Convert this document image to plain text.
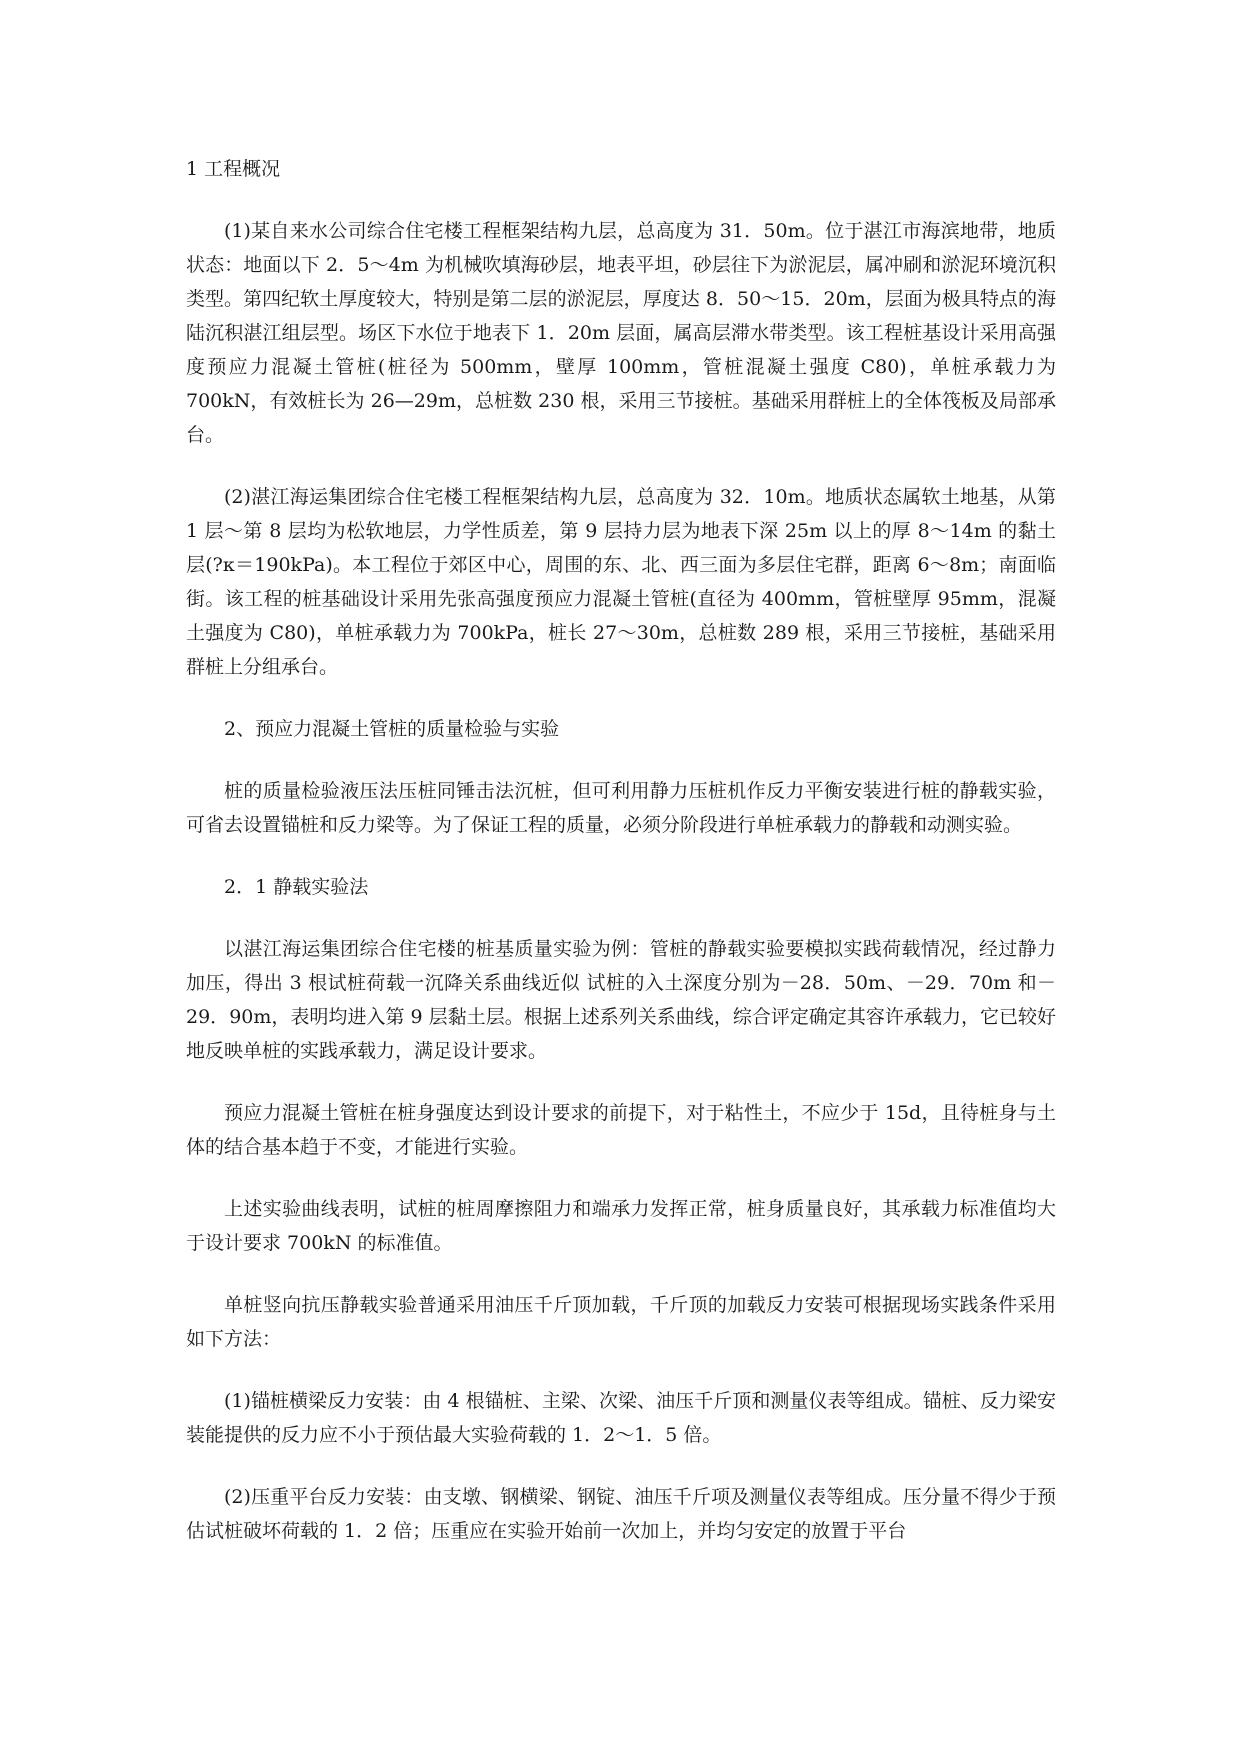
1 工程概况

(1)某自来水公司综合住宅楼工程框架结构九层，总高度为 31．50m。位于湛江市海滨地带，地质状态：地面以下 2．5～4m 为机械吹填海砂层，地表平坦，砂层往下为淤泥层，属冲刷和淤泥环境沉积类型。第四纪软土厚度较大，特别是第二层的淤泥层，厚度达 8．50～15．20m，层面为极具特点的海陆沉积湛江组层型。场区下水位于地表下 1．20m 层面，属高层滞水带类型。该工程桩基设计采用高强度预应力混凝土管桩(桩径为 500mm，壁厚 100mm，管桩混凝土强度 C80)，单桩承载力为 700kN，有效桩长为 26—29m，总桩数 230 根，采用三节接桩。基础采用群桩上的全体筏板及局部承台。

(2)湛江海运集团综合住宅楼工程框架结构九层，总高度为 32．10m。地质状态属软土地基，从第 1 层～第 8 层均为松软地层，力学性质差，第 9 层持力层为地表下深 25m 以上的厚 8～14m 的黏土层(?κ＝190kPa)。本工程位于郊区中心，周围的东、北、西三面为多层住宅群，距离 6～8m；南面临街。该工程的桩基础设计采用先张高强度预应力混凝土管桩(直径为 400mm，管桩壁厚 95mm，混凝土强度为 C80)，单桩承载力为 700kPa，桩长 27～30m，总桩数 289 根，采用三节接桩，基础采用群桩上分组承台。

2、预应力混凝土管桩的质量检验与实验

桩的质量检验液压法压桩同锤击法沉桩，但可利用静力压桩机作反力平衡安装进行桩的静载实验，可省去设置锚桩和反力梁等。为了保证工程的质量，必须分阶段进行单桩承载力的静载和动测实验。

2．1 静载实验法

以湛江海运集团综合住宅楼的桩基质量实验为例：管桩的静载实验要模拟实践荷载情况，经过静力加压，得出 3 根试桩荷载一沉降关系曲线近似 试桩的入土深度分别为－28．50m、－29．70m 和－29．90m，表明均进入第 9 层黏土层。根据上述系列关系曲线，综合评定确定其容许承载力，它已较好地反映单桩的实践承载力，满足设计要求。

预应力混凝土管桩在桩身强度达到设计要求的前提下，对于粘性土，不应少于 15d，且待桩身与土体的结合基本趋于不变，才能进行实验。

上述实验曲线表明，试桩的桩周摩擦阻力和端承力发挥正常，桩身质量良好，其承载力标准值均大于设计要求 700kN 的标准值。

单桩竖向抗压静载实验普通采用油压千斤顶加载，千斤顶的加载反力安装可根据现场实践条件采用如下方法：

(1)锚桩横梁反力安装：由 4 根锚桩、主梁、次梁、油压千斤顶和测量仪表等组成。锚桩、反力梁安装能提供的反力应不小于预估最大实验荷载的 1．2～1．5 倍。

(2)压重平台反力安装：由支墩、钢横梁、钢锭、油压千斤项及测量仪表等组成。压分量不得少于预估试桩破坏荷载的 1．2 倍；压重应在实验开始前一次加上，并均匀安定的放置于平台
